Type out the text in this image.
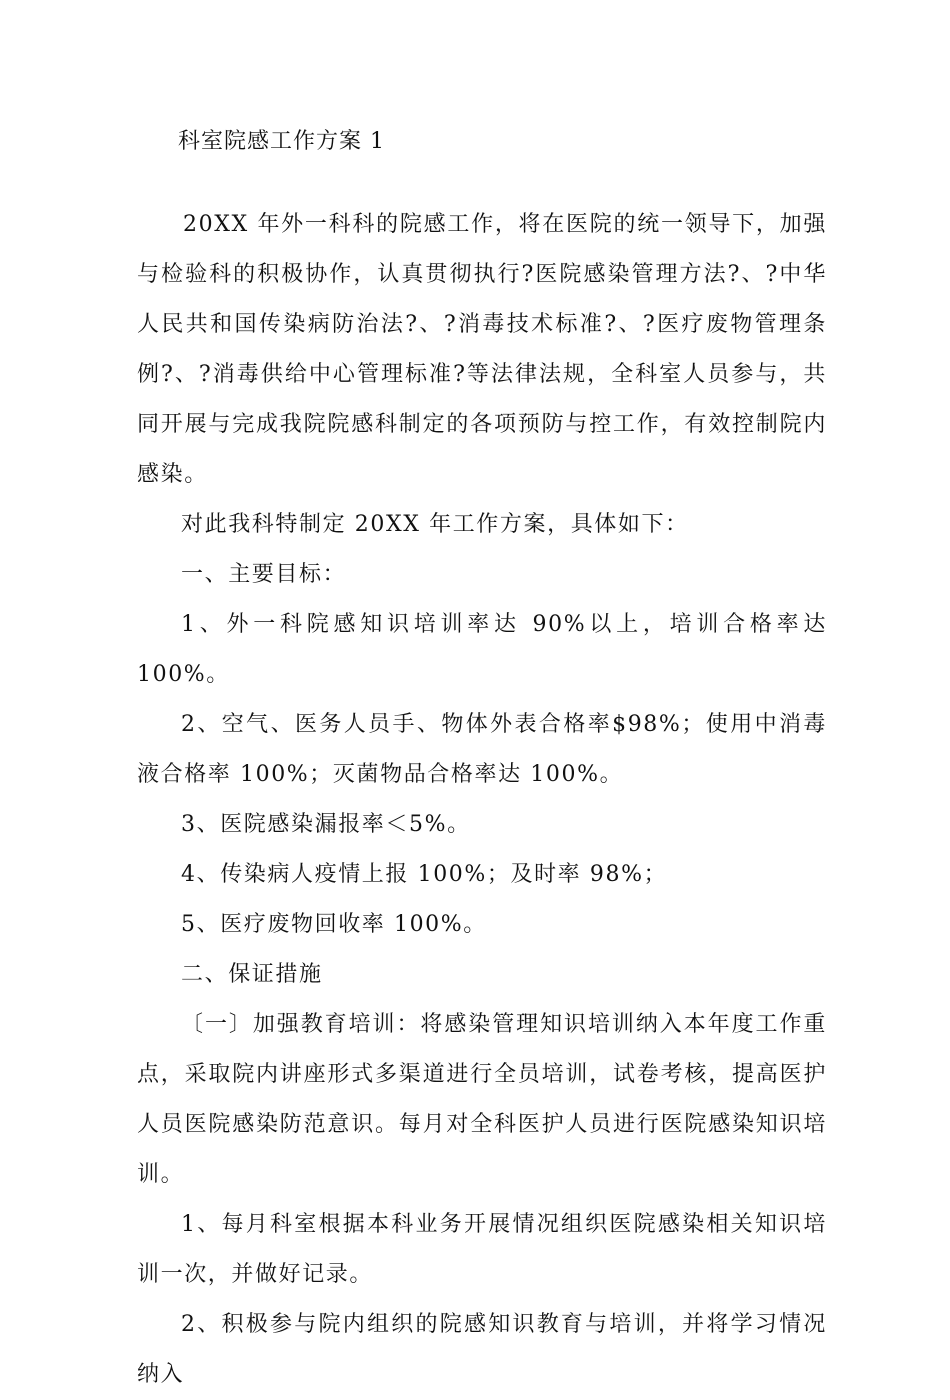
科室院感工作方案 1

20XX 年外一科科的院感工作，将在医院的统一领导下，加强与检验科的积极协作，认真贯彻执行?医院感染管理方法?、?中华人民共和国传染病防治法?、?消毒技术标准?、?医疗废物管理条例?、?消毒供给中心管理标准?等法律法规，全科室人员参与，共同开展与完成我院院感科制定的各项预防与控工作，有效控制院内感染。

对此我科特制定 20XX 年工作方案，具体如下：

一、主要目标：

1、外一科院感知识培训率达 90%以上，培训合格率达 100%。

2、空气、医务人员手、物体外表合格率$98%；使用中消毒液合格率 100%；灭菌物品合格率达 100%。

3、医院感染漏报率＜5%。

4、传染病人疫情上报 100%；及时率 98%；

5、医疗废物回收率 100%。

二、保证措施

〔一〕加强教育培训：将感染管理知识培训纳入本年度工作重点，采取院内讲座形式多渠道进行全员培训，试卷考核，提高医护人员医院感染防范意识。每月对全科医护人员进行医院感染知识培训。

1、每月科室根据本科业务开展情况组织医院感染相关知识培训一次，并做好记录。

2、积极参与院内组织的院感知识教育与培训，并将学习情况纳入
